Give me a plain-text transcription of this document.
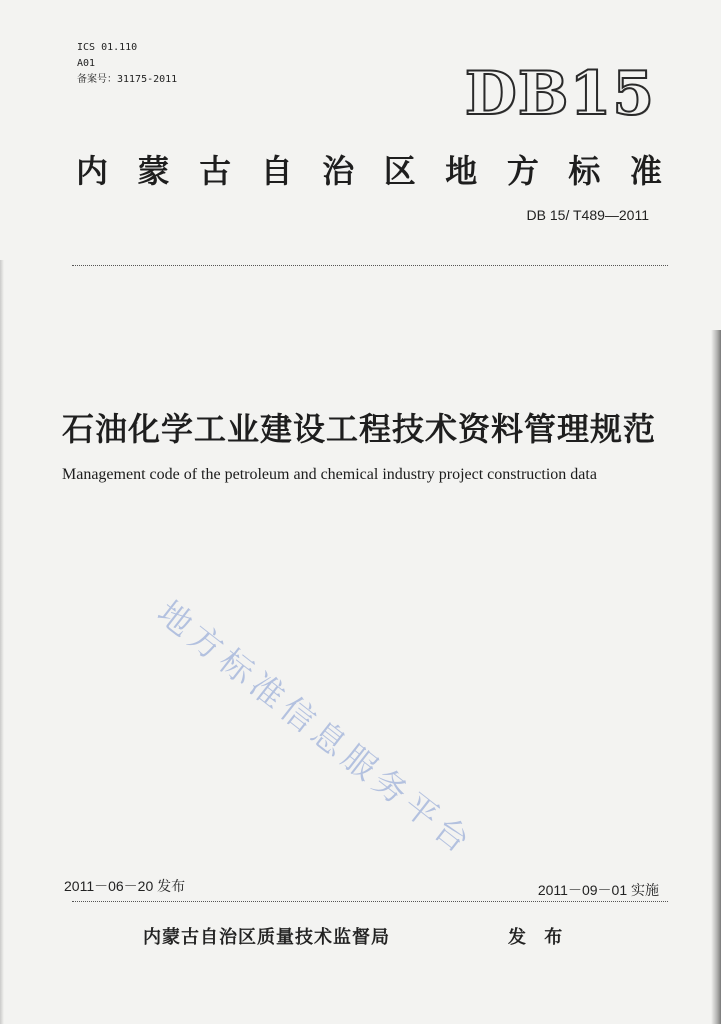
ICS 01.110
A01
备案号：31175-2011	DB15
内 蒙 古 自 治 区 地 方 标 准
DB 15/ T489—2011
石油化学工业建设工程技术资料管理规范
Management code of the petroleum and chemical industry project construction data
地方标准信息服务平台
2011－06－20 发布	2011－09－01 实施
内蒙古自治区质量技术监督局	发 布
